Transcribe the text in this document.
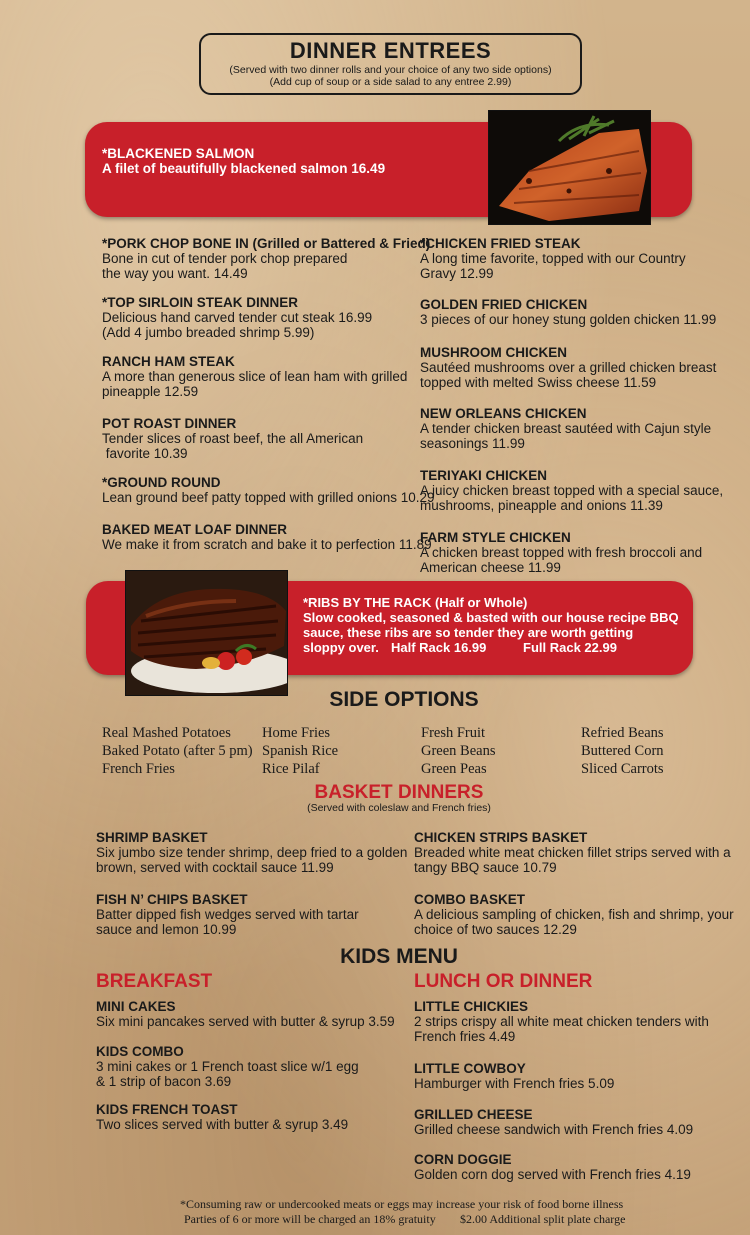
DINNER ENTREES
(Served with two dinner rolls and your choice of any two side options)
(Add cup of soup or a side salad to any entree 2.99)
*BLACKENED SALMON
A filet of beautifully blackened salmon 16.49
*PORK CHOP BONE IN (Grilled or Battered & Fried)
Bone in cut of tender pork chop prepared
the way you want. 14.49
*TOP SIRLOIN STEAK DINNER
Delicious hand carved tender cut steak 16.99
(Add 4 jumbo breaded shrimp 5.99)
RANCH HAM STEAK
A more than generous slice of lean ham with grilled
pineapple 12.59
POT ROAST DINNER
Tender slices of roast beef, the all American
favorite 10.39
*GROUND ROUND
Lean ground beef patty topped with grilled onions 10.29
BAKED MEAT LOAF DINNER
We make it from scratch and bake it to perfection 11.89
*CHICKEN FRIED STEAK
A long time favorite, topped with our Country
Gravy 12.99
GOLDEN FRIED CHICKEN
3 pieces of our honey stung golden chicken 11.99
MUSHROOM CHICKEN
Sautéed mushrooms over a grilled chicken breast
topped with melted Swiss cheese 11.59
NEW ORLEANS CHICKEN
A tender chicken breast sautéed with Cajun style
seasonings 11.99
TERIYAKI CHICKEN
A juicy chicken breast topped with a special sauce,
mushrooms, pineapple and onions 11.39
FARM STYLE CHICKEN
A chicken breast topped with fresh broccoli and
American cheese 11.99
*RIBS BY THE RACK (Half or Whole)
Slow cooked, seasoned & basted with our house recipe BBQ
sauce, these ribs are so tender they are worth getting
sloppy over. Half Rack 16.99	Full Rack 22.99
SIDE OPTIONS
Real Mashed Potatoes
Baked Potato (after 5 pm)
French Fries
Home Fries
Spanish Rice
Rice Pilaf
Fresh Fruit
Green Beans
Green Peas
Refried Beans
Buttered Corn
Sliced Carrots
BASKET DINNERS
(Served with coleslaw and French fries)
SHRIMP BASKET
Six jumbo size tender shrimp, deep fried to a golden
brown, served with cocktail sauce 11.99
FISH N’ CHIPS BASKET
Batter dipped fish wedges served with tartar
sauce and lemon 10.99
CHICKEN STRIPS BASKET
Breaded white meat chicken fillet strips served with a
tangy BBQ sauce 10.79
COMBO BASKET
A delicious sampling of chicken, fish and shrimp, your
choice of two sauces 12.29
KIDS MENU
BREAKFAST	LUNCH OR DINNER
MINI CAKES
Six mini pancakes served with butter & syrup 3.59
KIDS COMBO
3 mini cakes or 1 French toast slice w/1 egg
& 1 strip of bacon 3.69
KIDS FRENCH TOAST
Two slices served with butter & syrup 3.49
LITTLE CHICKIES
2 strips crispy all white meat chicken tenders with
French fries 4.49
LITTLE COWBOY
Hamburger with French fries 5.09
GRILLED CHEESE
Grilled cheese sandwich with French fries 4.09
CORN DOGGIE
Golden corn dog served with French fries 4.19
*Consuming raw or undercooked meats or eggs may increase your risk of food borne illness
Parties of 6 or more will be charged an 18% gratuity $2.00 Additional split plate charge
